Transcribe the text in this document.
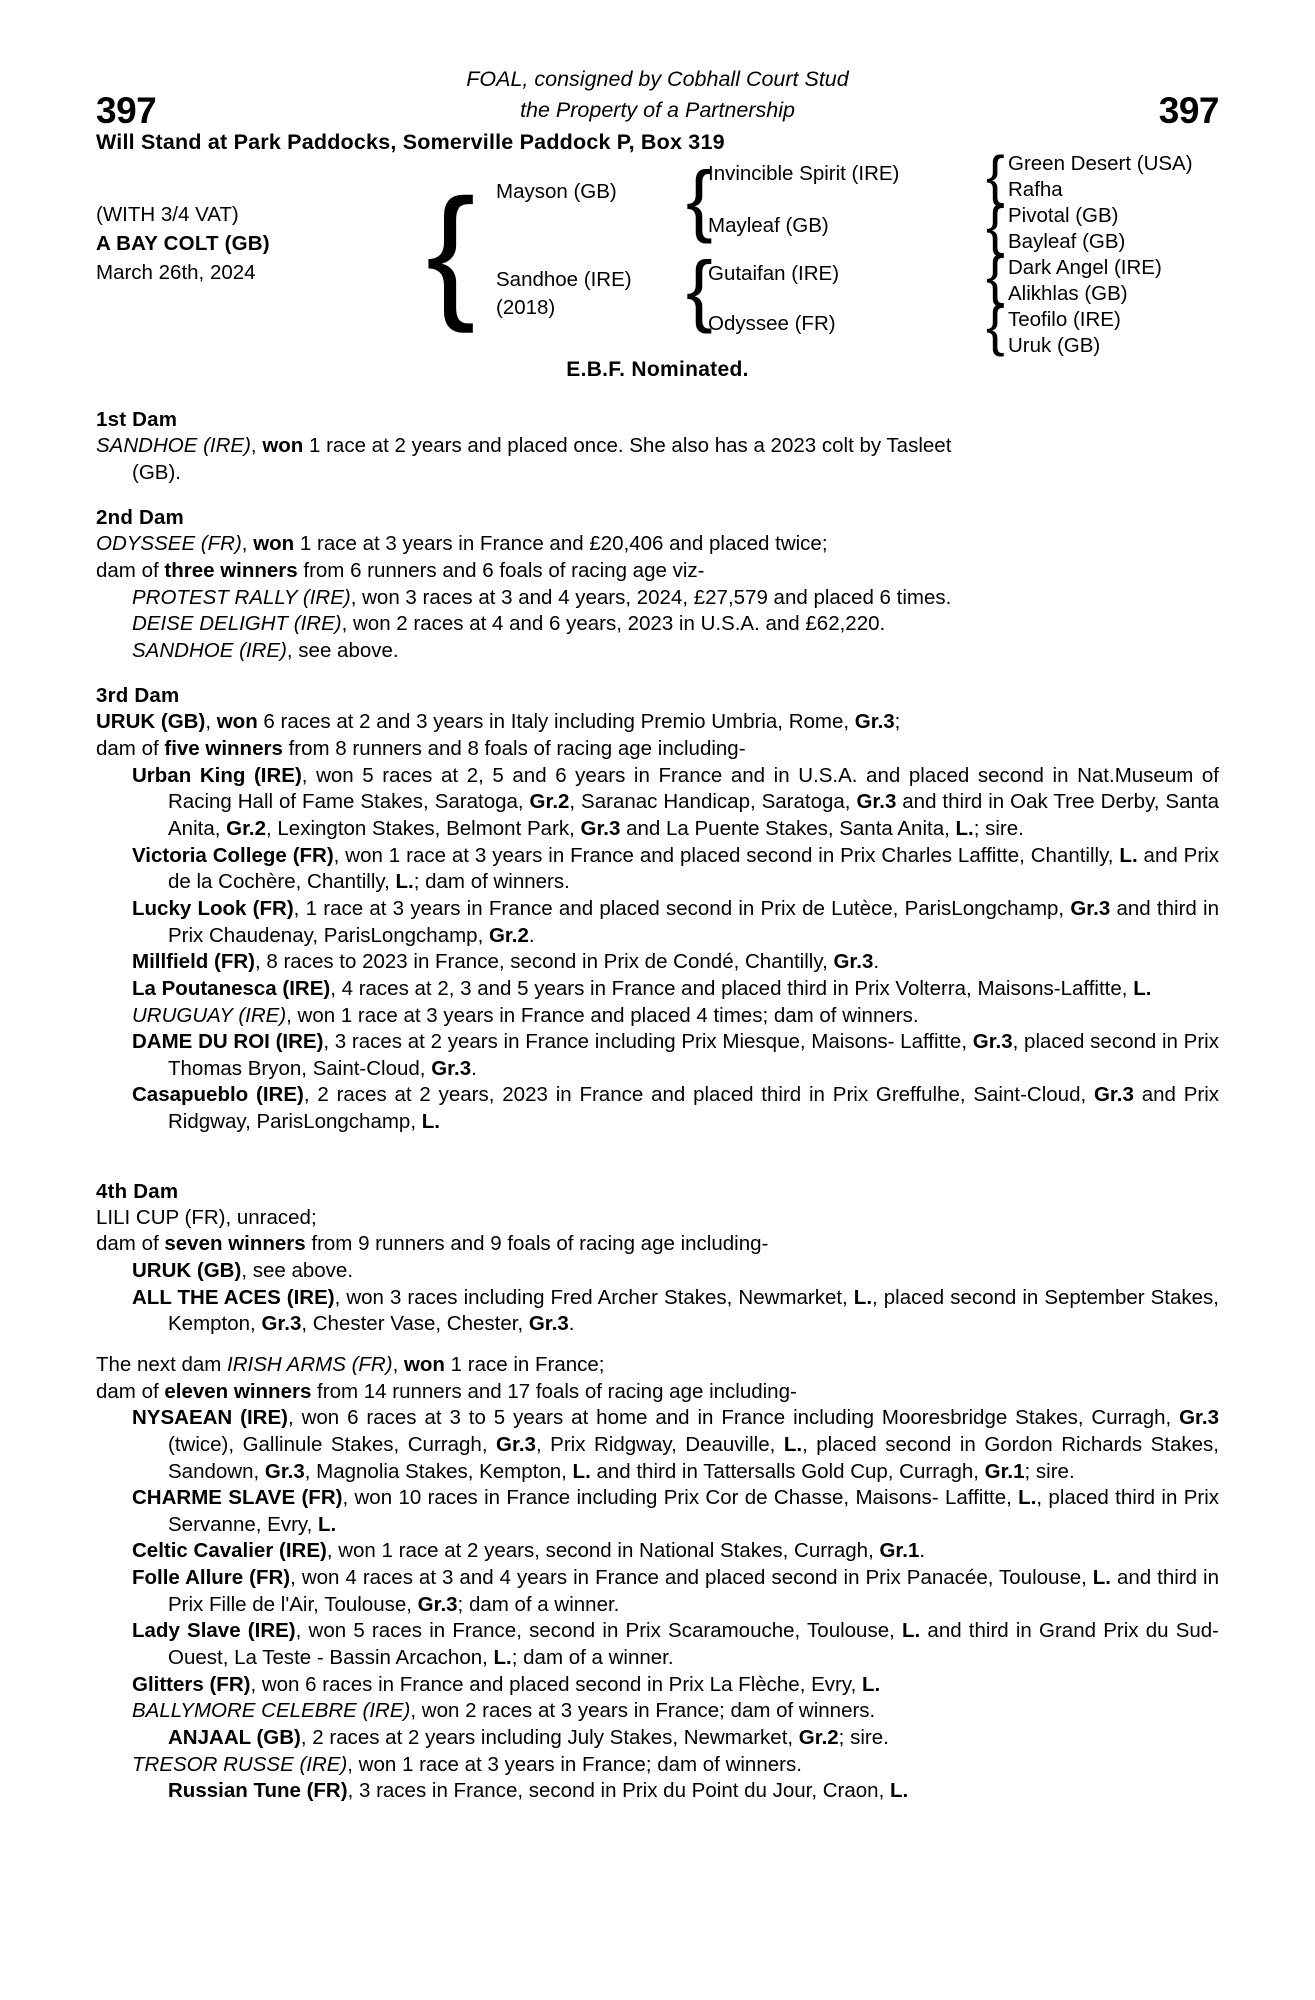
397	397
FOAL, consigned by Cobhall Court Stud
the Property of a Partnership
Will Stand at Park Paddocks, Somerville Paddock P, Box 319
(WITH 3/4 VAT)
A BAY COLT (GB)
March 26th, 2024 { Mayson (GB)
Sandhoe (IRE)
(2018)
{
{
Invincible Spirit (IRE)
Mayleaf (GB)
Gutaifan (IRE)
Odyssee (FR)
{
{
{
{
Green Desert (USA)
Rafha
Pivotal (GB)
Bayleaf (GB)
Dark Angel (IRE)
Alikhlas (GB)
Teofilo (IRE)
Uruk (GB)
E.B.F. Nominated.
1st Dam

SANDHOE (IRE), won 1 race at 2 years and placed once. She also has a 2023 colt by Tasleet

(GB).

2nd Dam

ODYSSEE (FR), won 1 race at 3 years in France and £20,406 and placed twice;

dam of three winners from 6 runners and 6 foals of racing age viz-

PROTEST RALLY (IRE), won 3 races at 3 and 4 years, 2024, £27,579 and placed 6 times.

DEISE DELIGHT (IRE), won 2 races at 4 and 6 years, 2023 in U.S.A. and £62,220.

SANDHOE (IRE), see above.

3rd Dam

URUK (GB), won 6 races at 2 and 3 years in Italy including Premio Umbria, Rome, Gr.3;

dam of five winners from 8 runners and 8 foals of racing age including-

Urban King (IRE), won 5 races at 2, 5 and 6 years in France and in U.S.A. and placed second in Nat.Museum of Racing Hall of Fame Stakes, Saratoga, Gr.2, Saranac Handicap, Saratoga, Gr.3 and third in Oak Tree Derby, Santa Anita, Gr.2, Lexington Stakes, Belmont Park, Gr.3 and La Puente Stakes, Santa Anita, L.; sire.

Victoria College (FR), won 1 race at 3 years in France and placed second in Prix Charles Laffitte, Chantilly, L. and Prix de la Cochère, Chantilly, L.; dam of winners.

Lucky Look (FR), 1 race at 3 years in France and placed second in Prix de Lutèce, ParisLongchamp, Gr.3 and third in Prix Chaudenay, ParisLongchamp, Gr.2.

Millfield (FR), 8 races to 2023 in France, second in Prix de Condé, Chantilly, Gr.3.

La Poutanesca (IRE), 4 races at 2, 3 and 5 years in France and placed third in Prix Volterra, Maisons-Laffitte, L.

URUGUAY (IRE), won 1 race at 3 years in France and placed 4 times; dam of winners.

DAME DU ROI (IRE), 3 races at 2 years in France including Prix Miesque, Maisons- Laffitte, Gr.3, placed second in Prix Thomas Bryon, Saint-Cloud, Gr.3.

Casapueblo (IRE), 2 races at 2 years, 2023 in France and placed third in Prix Greffulhe, Saint-Cloud, Gr.3 and Prix Ridgway, ParisLongchamp, L.

4th Dam

LILI CUP (FR), unraced;

dam of seven winners from 9 runners and 9 foals of racing age including-

URUK (GB), see above.

ALL THE ACES (IRE), won 3 races including Fred Archer Stakes, Newmarket, L., placed second in September Stakes, Kempton, Gr.3, Chester Vase, Chester, Gr.3.

The next dam IRISH ARMS (FR), won 1 race in France;

dam of eleven winners from 14 runners and 17 foals of racing age including-

NYSAEAN (IRE), won 6 races at 3 to 5 years at home and in France including Mooresbridge Stakes, Curragh, Gr.3 (twice), Gallinule Stakes, Curragh, Gr.3, Prix Ridgway, Deauville, L., placed second in Gordon Richards Stakes, Sandown, Gr.3, Magnolia Stakes, Kempton, L. and third in Tattersalls Gold Cup, Curragh, Gr.1; sire.

CHARME SLAVE (FR), won 10 races in France including Prix Cor de Chasse, Maisons- Laffitte, L., placed third in Prix Servanne, Evry, L.

Celtic Cavalier (IRE), won 1 race at 2 years, second in National Stakes, Curragh, Gr.1.

Folle Allure (FR), won 4 races at 3 and 4 years in France and placed second in Prix Panacée, Toulouse, L. and third in Prix Fille de l'Air, Toulouse, Gr.3; dam of a winner.

Lady Slave (IRE), won 5 races in France, second in Prix Scaramouche, Toulouse, L. and third in Grand Prix du Sud-Ouest, La Teste - Bassin Arcachon, L.; dam of a winner.

Glitters (FR), won 6 races in France and placed second in Prix La Flèche, Evry, L.

BALLYMORE CELEBRE (IRE), won 2 races at 3 years in France; dam of winners.

ANJAAL (GB), 2 races at 2 years including July Stakes, Newmarket, Gr.2; sire.

TRESOR RUSSE (IRE), won 1 race at 3 years in France; dam of winners.

Russian Tune (FR), 3 races in France, second in Prix du Point du Jour, Craon, L.
